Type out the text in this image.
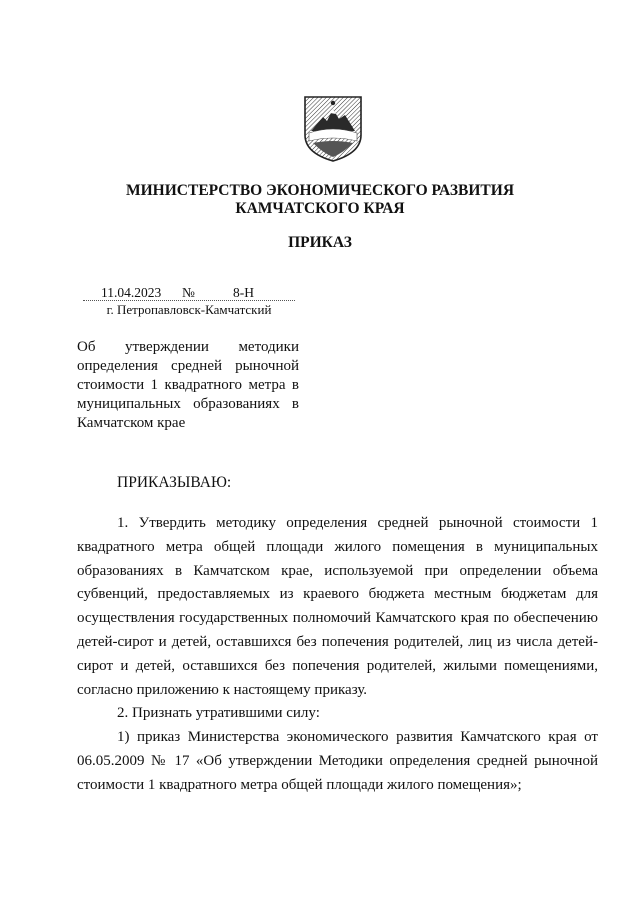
МИНИСТЕРСТВО ЭКОНОМИЧЕСКОГО РАЗВИТИЯ
КАМЧАТСКОГО КРАЯ
ПРИКАЗ
11.04.2023 №	8-Н
г. Петропавловск-Камчатский
Об утверждении методики определения средней рыночной стоимости 1 квадратного метра в муниципальных образованиях в
Камчатском крае
ПРИКАЗЫВАЮ:

1. Утвердить методику определения средней рыночной стоимости 1 квадратного метра общей площади жилого помещения в муниципальных образованиях в Камчатском крае, используемой при определении объема субвенций, предоставляемых из краевого бюджета местным бюджетам для осуществления государственных полномочий Камчатского края по обеспечению детей-сирот и детей, оставшихся без попечения родителей, лиц из числа детей-сирот и детей, оставшихся без попечения родителей, жилыми помещениями, согласно приложению к настоящему приказу.

2. Признать утратившими силу:

1) приказ Министерства экономического развития Камчатского края от 06.05.2009 № 17 «Об утверждении Методики определения средней рыночной стоимости 1 квадратного метра общей площади жилого помещения»;
